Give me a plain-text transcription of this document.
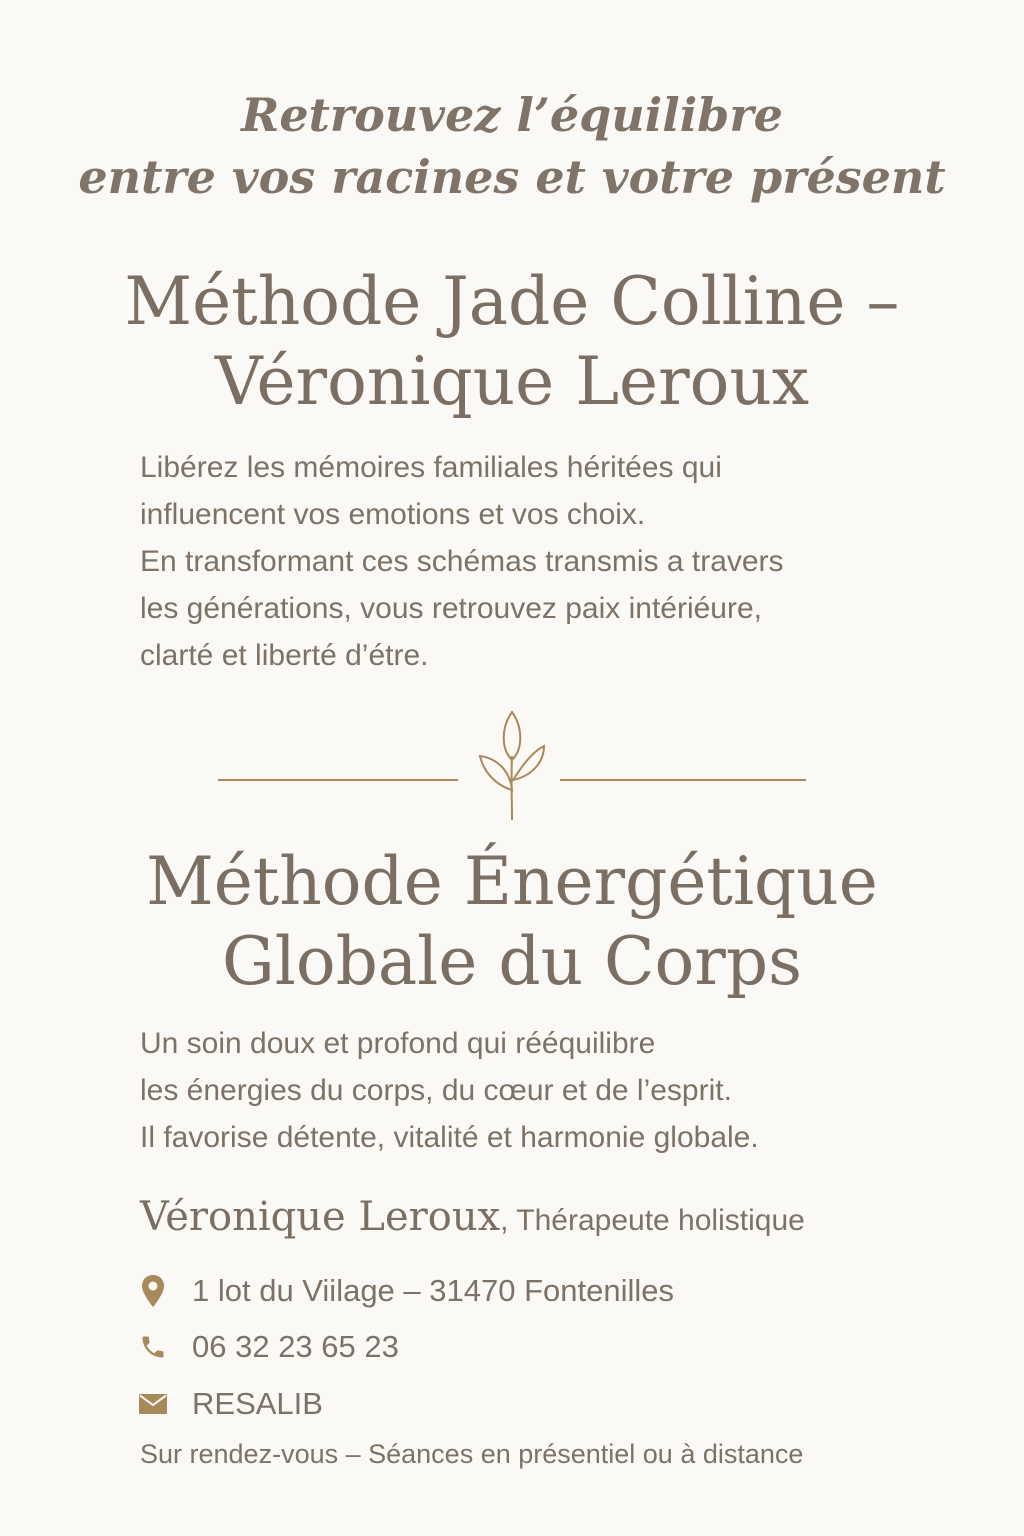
Retrouvez l’équilibre
entre vos racines et votre présent
Méthode Jade Colline –
Véronique Leroux

Libérez les mémoires familiales héritées qui
influencent vos emotions et vos choix.
En transformant ces schémas transmis a travers
les générations, vous retrouvez paix intériéure,
clarté et liberté d’étre.

Méthode Énergétique
Globale du Corps

Un soin doux et profond qui rééquilibre
les énergies du corps, du cœur et de l’esprit.
Il favorise détente, vitalité et harmonie globale.

Véronique Leroux, Thérapeute holistique
1 lot du Viilage – 31470 Fontenilles
06 32 23 65 23
RESALIB

Sur rendez-vous – Séances en présentiel ou à distance
